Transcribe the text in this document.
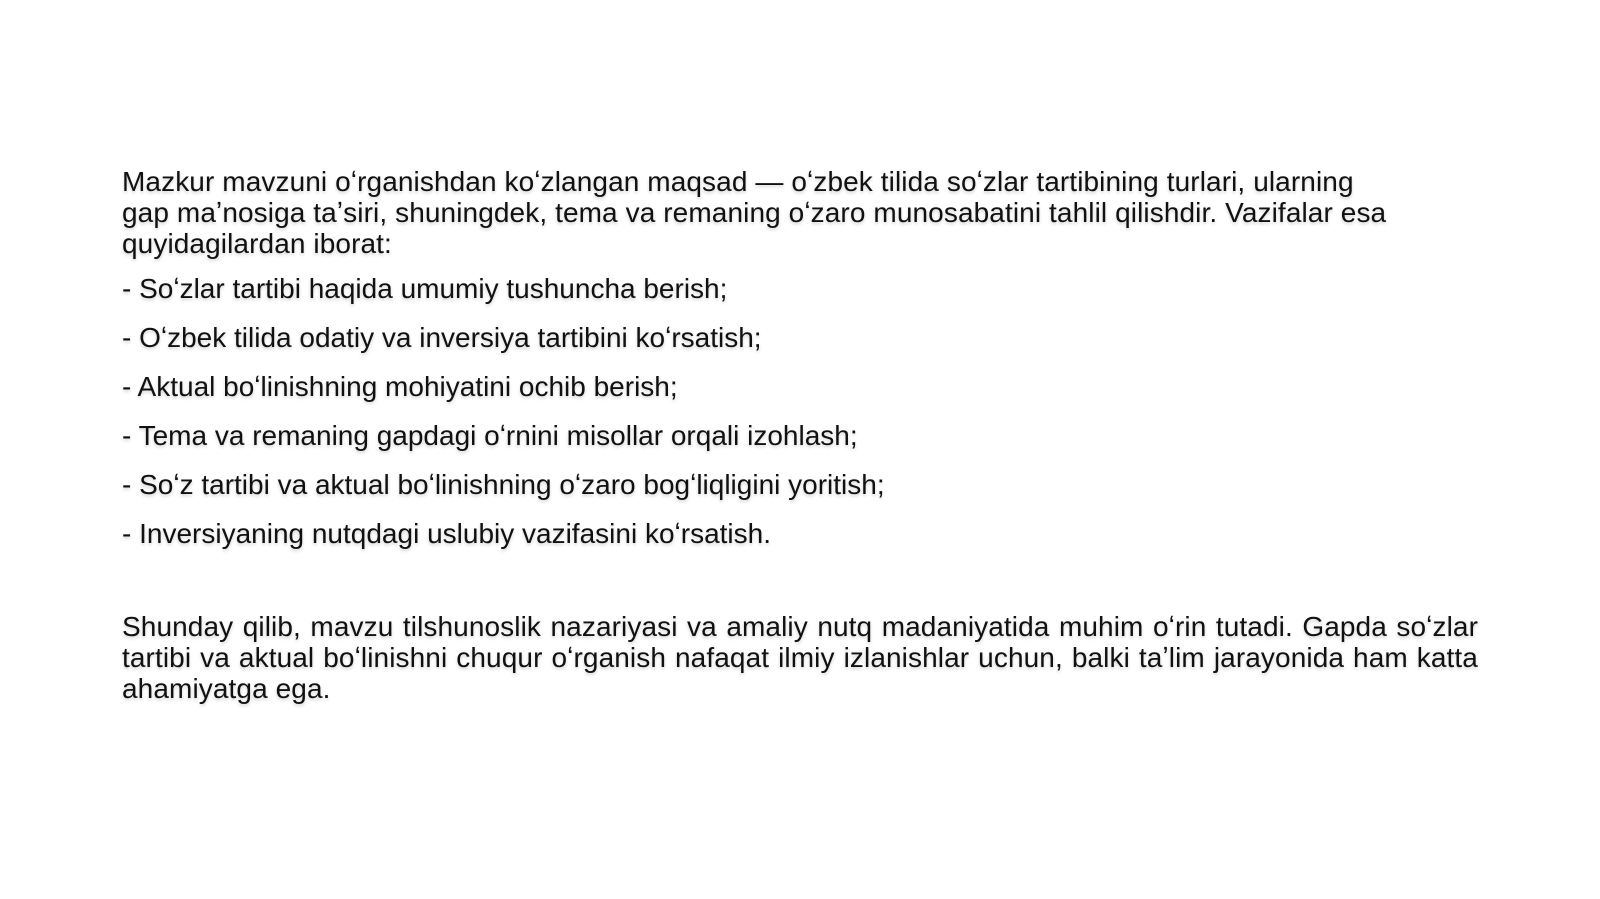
Mazkur mavzuni oʻrganishdan koʻzlangan maqsad — oʻzbek tilida soʻzlar tartibining turlari, ularning gap maʼnosiga taʼsiri, shuningdek, tema va remaning oʻzaro munosabatini tahlil qilishdir. Vazifalar esa quyidagilardan iborat:

- Soʻzlar tartibi haqida umumiy tushuncha berish;
- Oʻzbek tilida odatiy va inversiya tartibini koʻrsatish;
- Aktual boʻlinishning mohiyatini ochib berish;
- Tema va remaning gapdagi oʻrnini misollar orqali izohlash;
- Soʻz tartibi va aktual boʻlinishning oʻzaro bogʻliqligini yoritish;
- Inversiyaning nutqdagi uslubiy vazifasini koʻrsatish.

Shunday qilib, mavzu tilshunoslik nazariyasi va amaliy nutq madaniyatida muhim oʻrin tutadi. Gapda soʻzlar tartibi va aktual boʻlinishni chuqur oʻrganish nafaqat ilmiy izlanishlar uchun, balki taʼlim jarayonida ham katta ahamiyatga ega.
